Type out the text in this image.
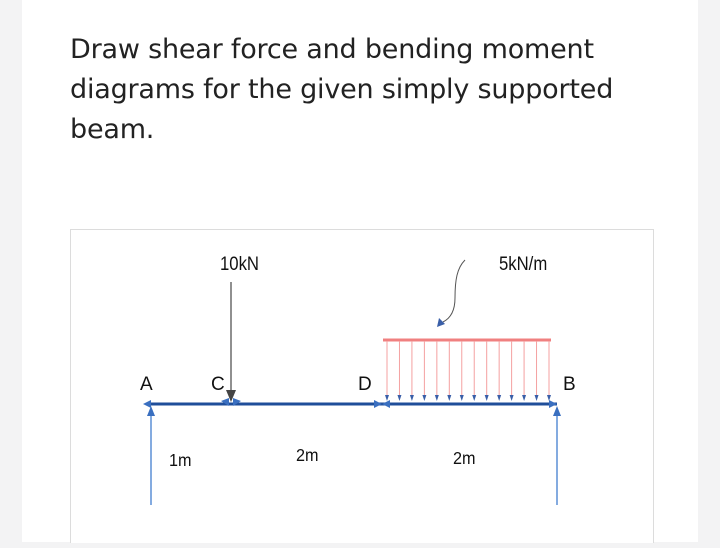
Draw shear force and bending moment diagrams for the given simply supported beam.
10kN	5kN/m
A	C	D	B
1m	2m	2m
